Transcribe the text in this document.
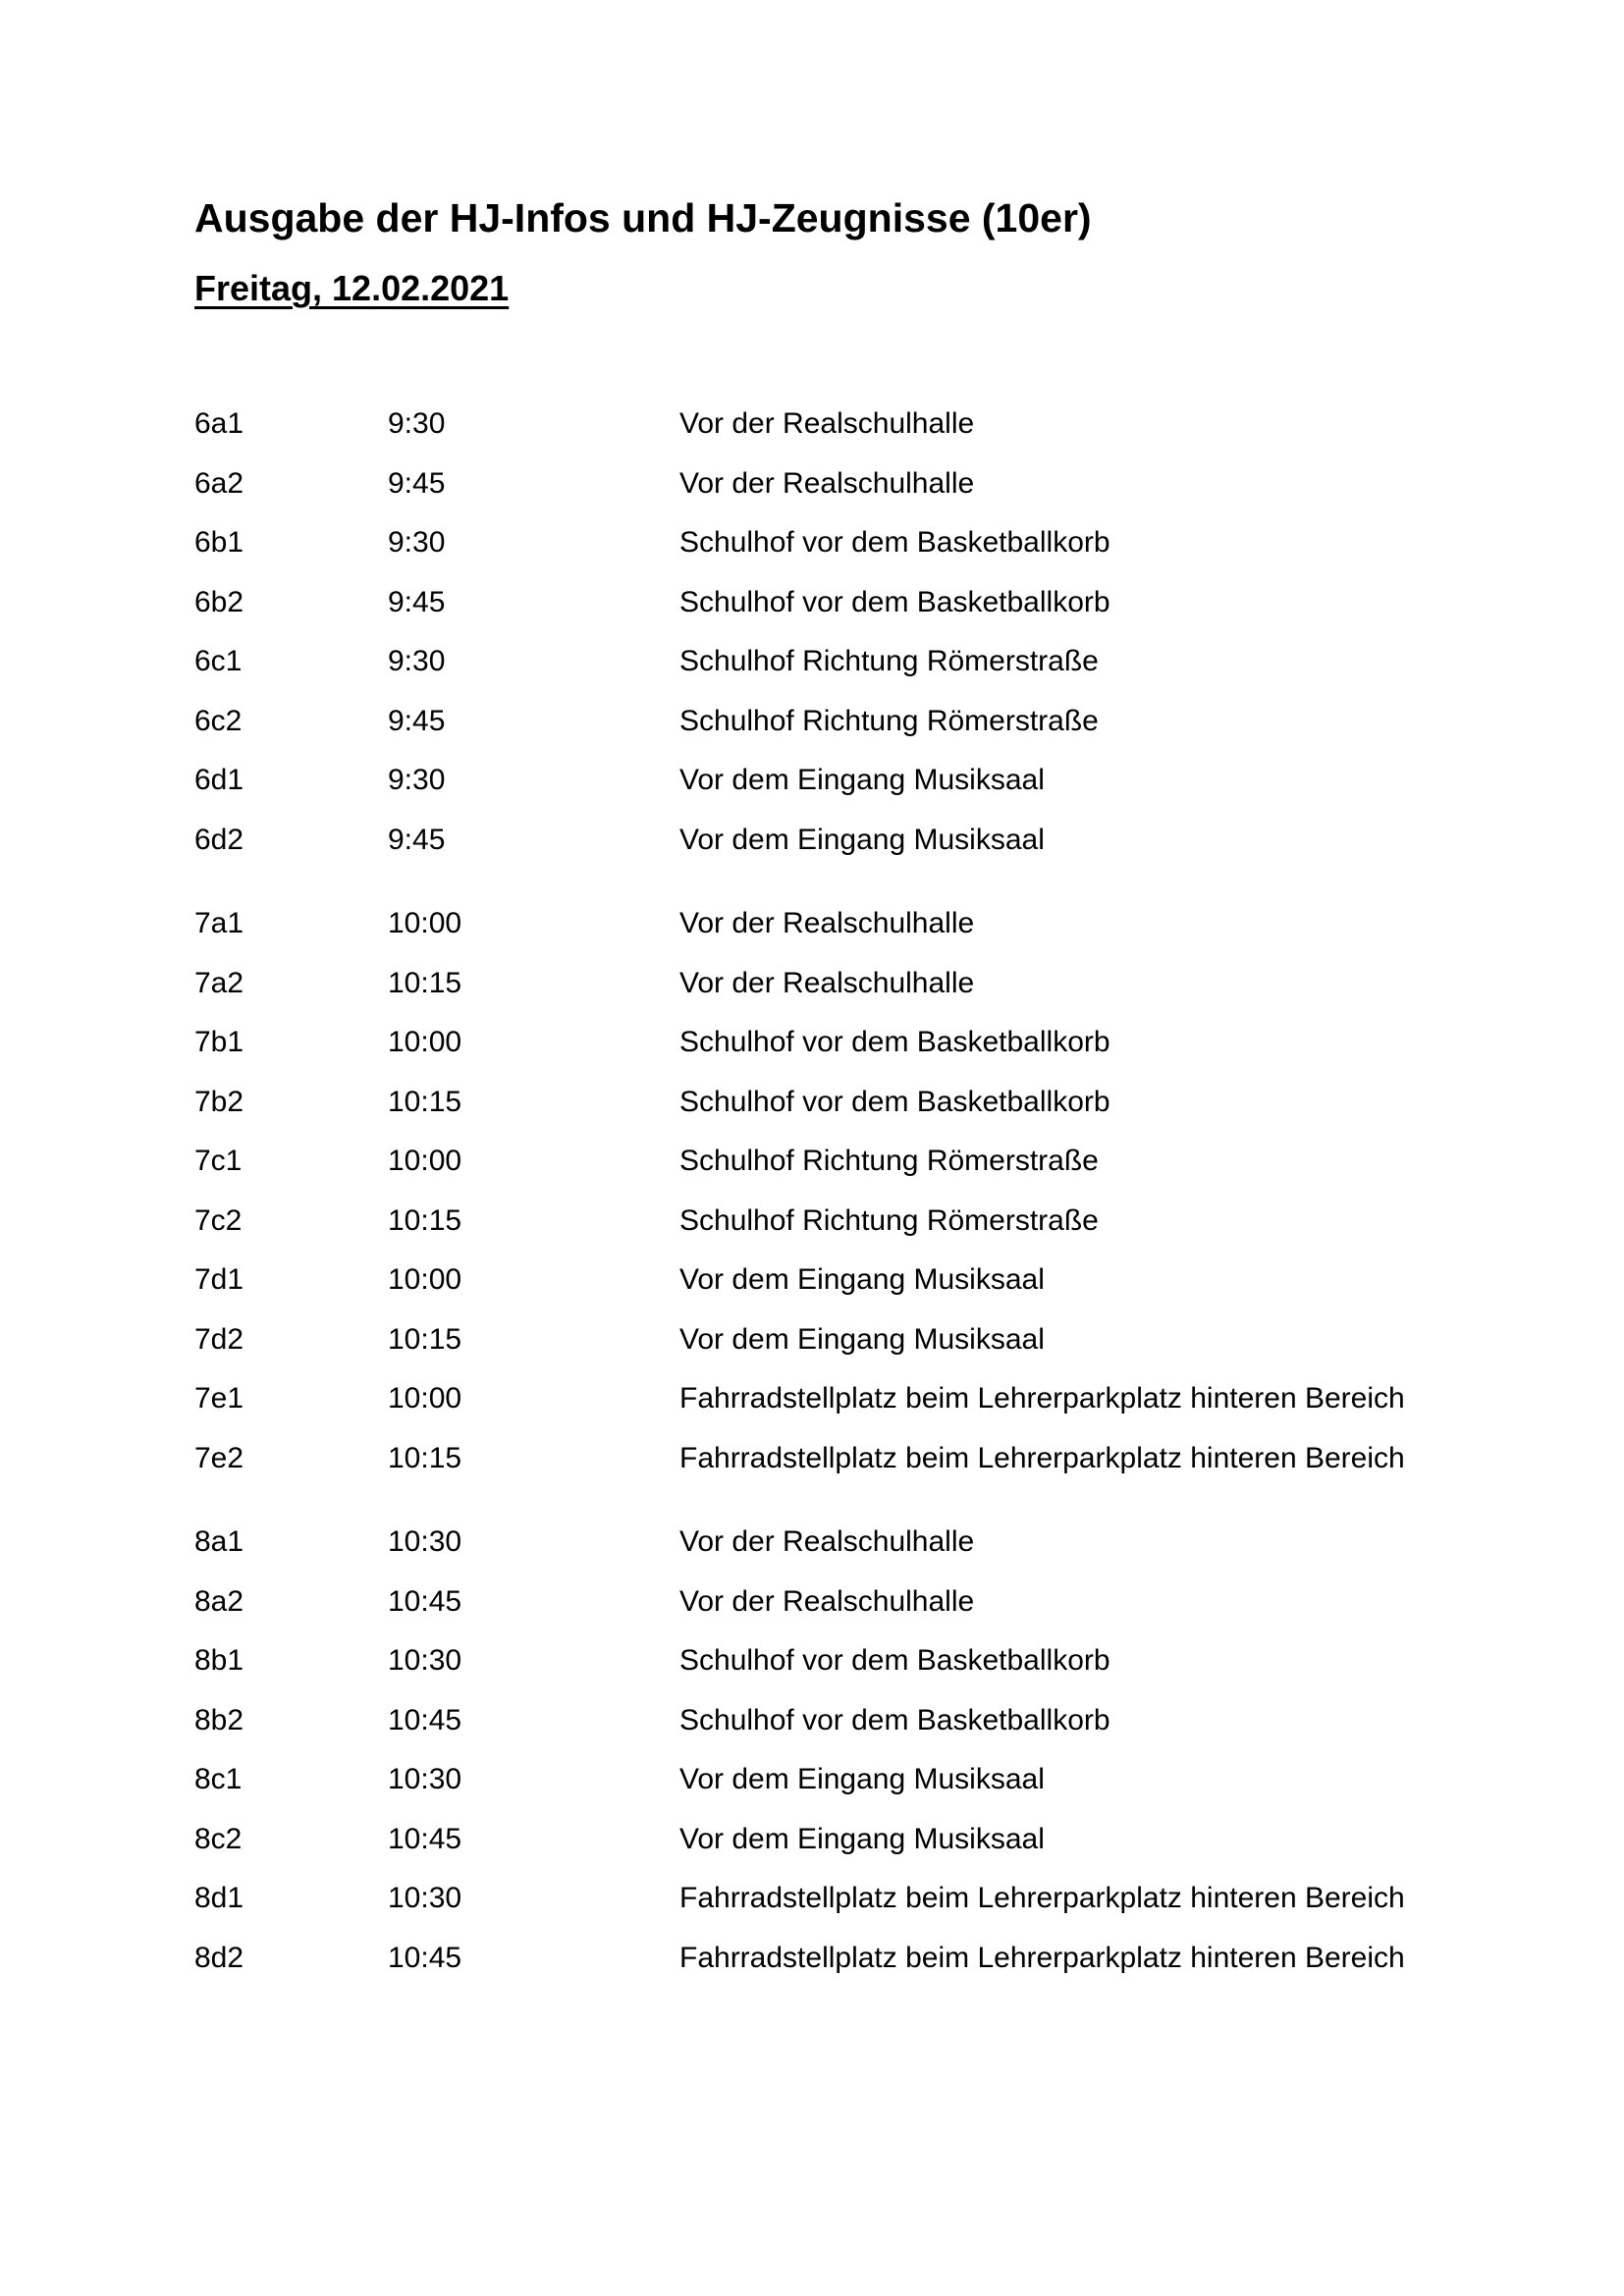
Ausgabe der HJ-Infos und HJ-Zeugnisse (10er)
Freitag, 12.02.2021
6a1	9:30	Vor der Realschulhalle
6a2	9:45	Vor der Realschulhalle
6b1	9:30	Schulhof vor dem Basketballkorb
6b2	9:45	Schulhof vor dem Basketballkorb
6c1	9:30	Schulhof Richtung Römerstraße
6c2	9:45	Schulhof Richtung Römerstraße
6d1	9:30	Vor dem Eingang Musiksaal
6d2	9:45	Vor dem Eingang Musiksaal
7a1	10:00	Vor der Realschulhalle
7a2	10:15	Vor der Realschulhalle
7b1	10:00	Schulhof vor dem Basketballkorb
7b2	10:15	Schulhof vor dem Basketballkorb
7c1	10:00	Schulhof Richtung Römerstraße
7c2	10:15	Schulhof Richtung Römerstraße
7d1	10:00	Vor dem Eingang Musiksaal
7d2	10:15	Vor dem Eingang Musiksaal
7e1	10:00	Fahrradstellplatz beim Lehrerparkplatz hinteren Bereich
7e2	10:15	Fahrradstellplatz beim Lehrerparkplatz hinteren Bereich
8a1	10:30	Vor der Realschulhalle
8a2	10:45	Vor der Realschulhalle
8b1	10:30	Schulhof vor dem Basketballkorb
8b2	10:45	Schulhof vor dem Basketballkorb
8c1	10:30	Vor dem Eingang Musiksaal
8c2	10:45	Vor dem Eingang Musiksaal
8d1	10:30	Fahrradstellplatz beim Lehrerparkplatz hinteren Bereich
8d2	10:45	Fahrradstellplatz beim Lehrerparkplatz hinteren Bereich
